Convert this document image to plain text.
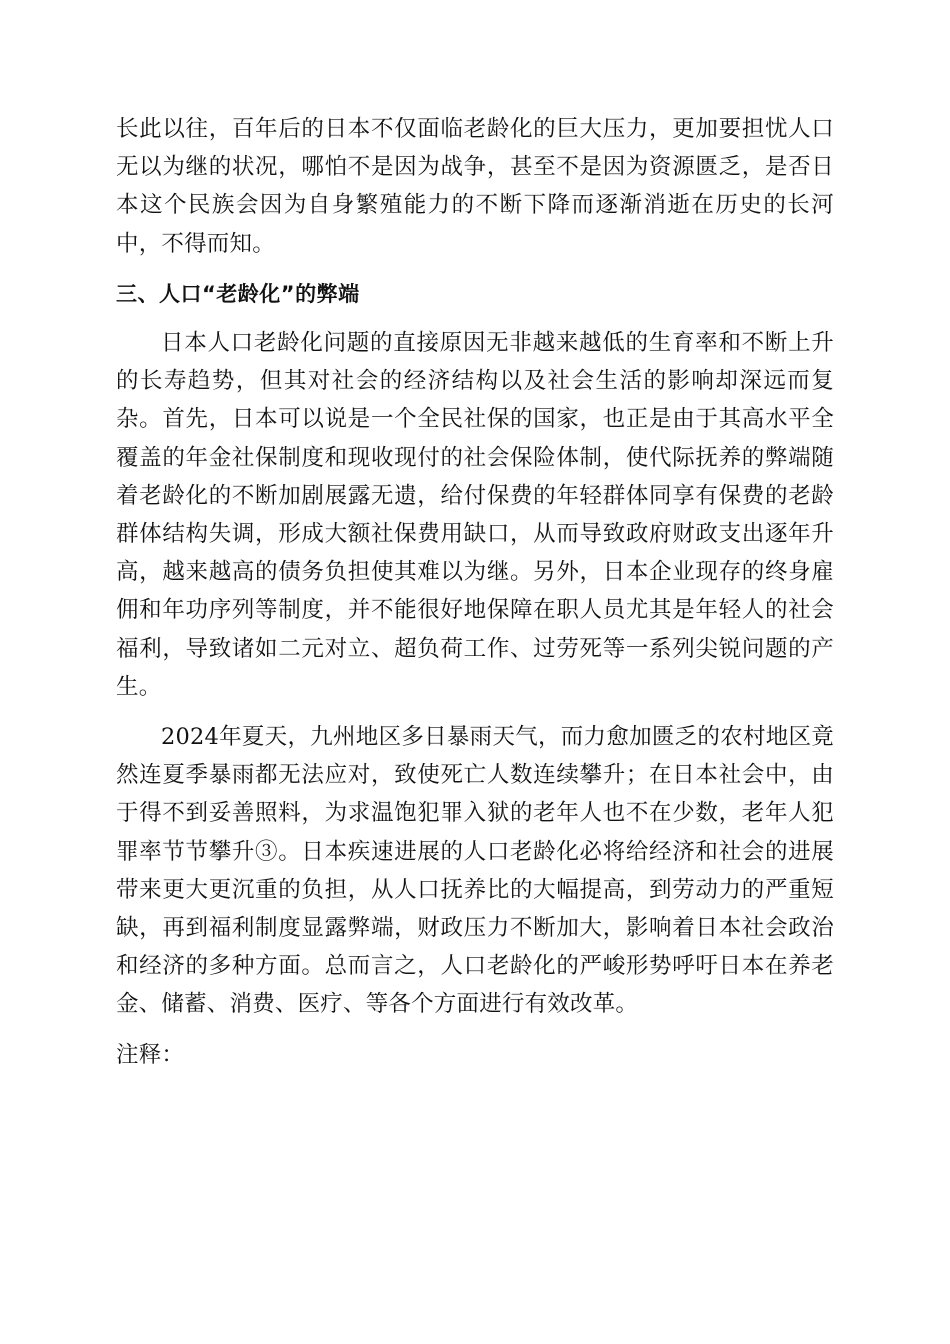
长此以往，百年后的日本不仅面临老龄化的巨大压力，更加要担忧人口无以为继的状况，哪怕不是因为战争，甚至不是因为资源匮乏，是否日本这个民族会因为自身繁殖能力的不断下降而逐渐消逝在历史的长河中，不得而知。

三、人口“老龄化”的弊端

日本人口老龄化问题的直接原因无非越来越低的生育率和不断上升的长寿趋势，但其对社会的经济结构以及社会生活的影响却深远而复杂。首先，日本可以说是一个全民社保的国家，也正是由于其高水平全覆盖的年金社保制度和现收现付的社会保险体制，使代际抚养的弊端随着老龄化的不断加剧展露无遗，给付保费的年轻群体同享有保费的老龄群体结构失调，形成大额社保费用缺口，从而导致政府财政支出逐年升高，越来越高的债务负担使其难以为继。另外，日本企业现存的终身雇佣和年功序列等制度，并不能很好地保障在职人员尤其是年轻人的社会福利，导致诸如二元对立、超负荷工作、过劳死等一系列尖锐问题的产生。

2024年夏天，九州地区多日暴雨天气，而力愈加匮乏的农村地区竟然连夏季暴雨都无法应对，致使死亡人数连续攀升；在日本社会中，由于得不到妥善照料，为求温饱犯罪入狱的老年人也不在少数，老年人犯罪率节节攀升③。日本疾速进展的人口老龄化必将给经济和社会的进展带来更大更沉重的负担，从人口抚养比的大幅提高，到劳动力的严重短缺，再到福利制度显露弊端，财政压力不断加大，影响着日本社会政治和经济的多种方面。总而言之，人口老龄化的严峻形势呼吁日本在养老金、储蓄、消费、医疗、等各个方面进行有效改革。

注释：
